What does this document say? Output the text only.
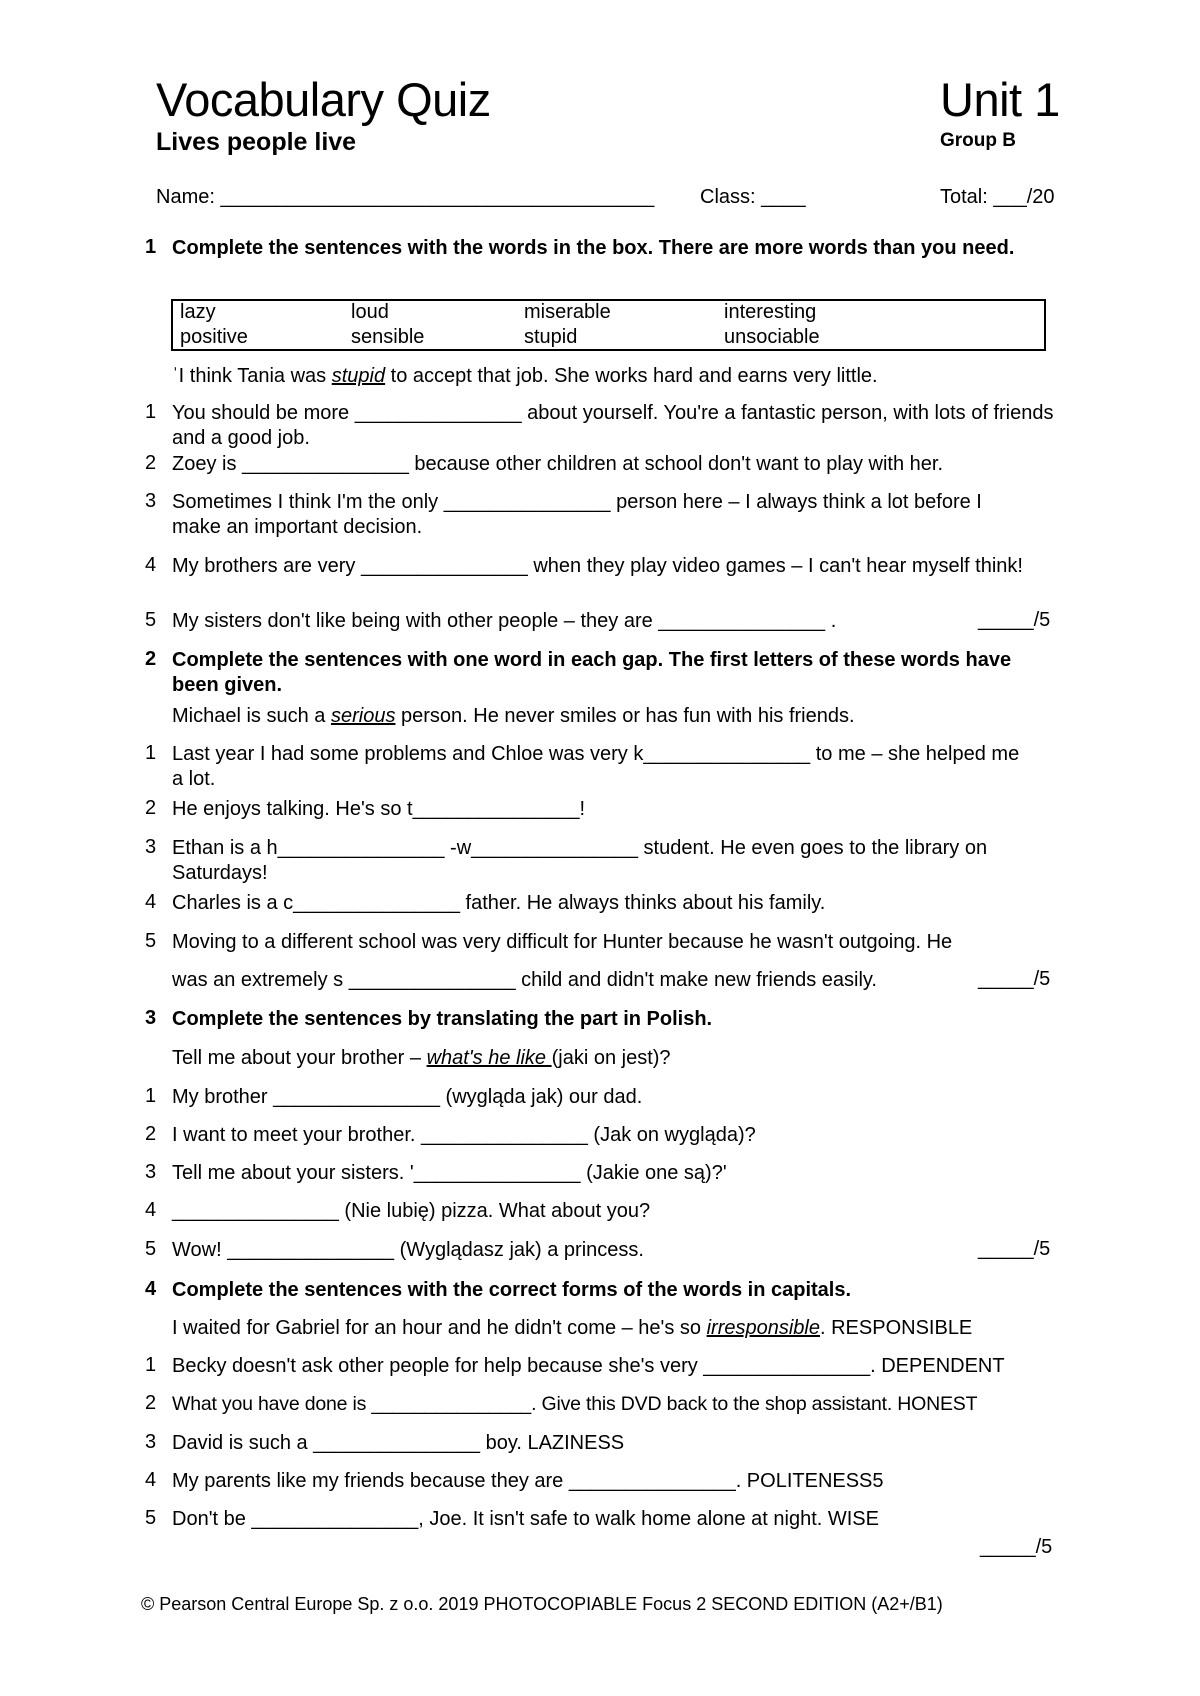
Vocabulary Quiz	Unit 1
Lives people live	Group B
Name: _______________________________________ Class: ____	Total: ___/20
1 Complete the sentences with the words in the box. There are more words than you need.
lazy	loud	miserable	interesting
positive	sensible	stupid	unsociable
ˈI think Tania was stupid to accept that job. She works hard and earns very little.
1 You should be more _______________ about yourself. You're a fantastic person, with lots of friends and a good job.
2 Zoey is _______________ because other children at school don't want to play with her.
3 Sometimes I think I'm the only _______________ person here – I always think a lot before I make an important decision.
4 My brothers are very _______________ when they play video games – I can't hear myself think!
5 My sisters don't like being with other people – they are _______________ .	_____/5
2 Complete the sentences with one word in each gap. The first letters of these words have been given.
Michael is such a serious person. He never smiles or has fun with his friends.
1 Last year I had some problems and Chloe was very k_______________ to me – she helped me a lot.
2 He enjoys talking. He's so t_______________!
3 Ethan is a h_______________ -w_______________ student. He even goes to the library on Saturdays!
4 Charles is a c_______________ father. He always thinks about his family.
5 Moving to a different school was very difficult for Hunter because he wasn't outgoing. He
was an extremely s _______________ child and didn't make new friends easily.	_____/5
3 Complete the sentences by translating the part in Polish.
Tell me about your brother – what's he like (jaki on jest)?
1 My brother _______________ (wygląda jak) our dad.
2 I want to meet your brother. _______________ (Jak on wygląda)?
3 Tell me about your sisters. '_______________ (Jakie one są)?'
4 _______________ (Nie lubię) pizza. What about you?
5 Wow! _______________ (Wyglądasz jak) a princess.	_____/5
4 Complete the sentences with the correct forms of the words in capitals.
I waited for Gabriel for an hour and he didn't come – he's so irresponsible. RESPONSIBLE
1 Becky doesn't ask other people for help because she's very _______________. DEPENDENT
2 What you have done is _______________. Give this DVD back to the shop assistant. HONEST
3 David is such a _______________ boy. LAZINESS
4 My parents like my friends because they are _______________. POLITENESS5
5 Don't be _______________, Joe. It isn't safe to walk home alone at night. WISE
_____/5
© Pearson Central Europe Sp. z o.o. 2019 PHOTOCOPIABLE Focus 2 SECOND EDITION (A2+/B1)
